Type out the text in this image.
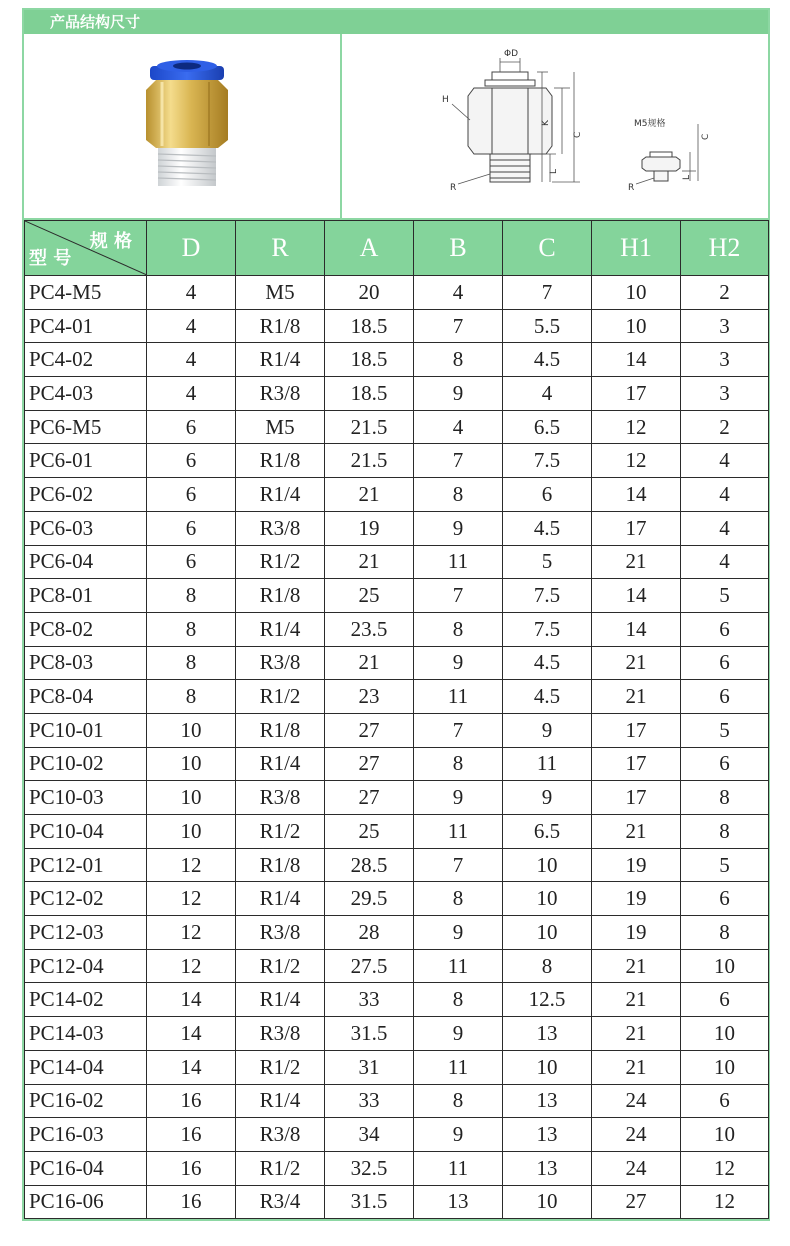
产品结构尺寸
ΦD
H
K
C
L
R
M5规格
C
L
R
规 格
型 号	D	R	A	B	C	H1	H2
PC4-M5	4	M5	20	4	7	10	2
PC4-01	4	R1/8	18.5	7	5.5	10	3
PC4-02	4	R1/4	18.5	8	4.5	14	3
PC4-03	4	R3/8	18.5	9	4	17	3
PC6-M5	6	M5	21.5	4	6.5	12	2
PC6-01	6	R1/8	21.5	7	7.5	12	4
PC6-02	6	R1/4	21	8	6	14	4
PC6-03	6	R3/8	19	9	4.5	17	4
PC6-04	6	R1/2	21	11	5	21	4
PC8-01	8	R1/8	25	7	7.5	14	5
PC8-02	8	R1/4	23.5	8	7.5	14	6
PC8-03	8	R3/8	21	9	4.5	21	6
PC8-04	8	R1/2	23	11	4.5	21	6
PC10-01	10	R1/8	27	7	9	17	5
PC10-02	10	R1/4	27	8	11	17	6
PC10-03	10	R3/8	27	9	9	17	8
PC10-04	10	R1/2	25	11	6.5	21	8
PC12-01	12	R1/8	28.5	7	10	19	5
PC12-02	12	R1/4	29.5	8	10	19	6
PC12-03	12	R3/8	28	9	10	19	8
PC12-04	12	R1/2	27.5	11	8	21	10
PC14-02	14	R1/4	33	8	12.5	21	6
PC14-03	14	R3/8	31.5	9	13	21	10
PC14-04	14	R1/2	31	11	10	21	10
PC16-02	16	R1/4	33	8	13	24	6
PC16-03	16	R3/8	34	9	13	24	10
PC16-04	16	R1/2	32.5	11	13	24	12
PC16-06	16	R3/4	31.5	13	10	27	12
